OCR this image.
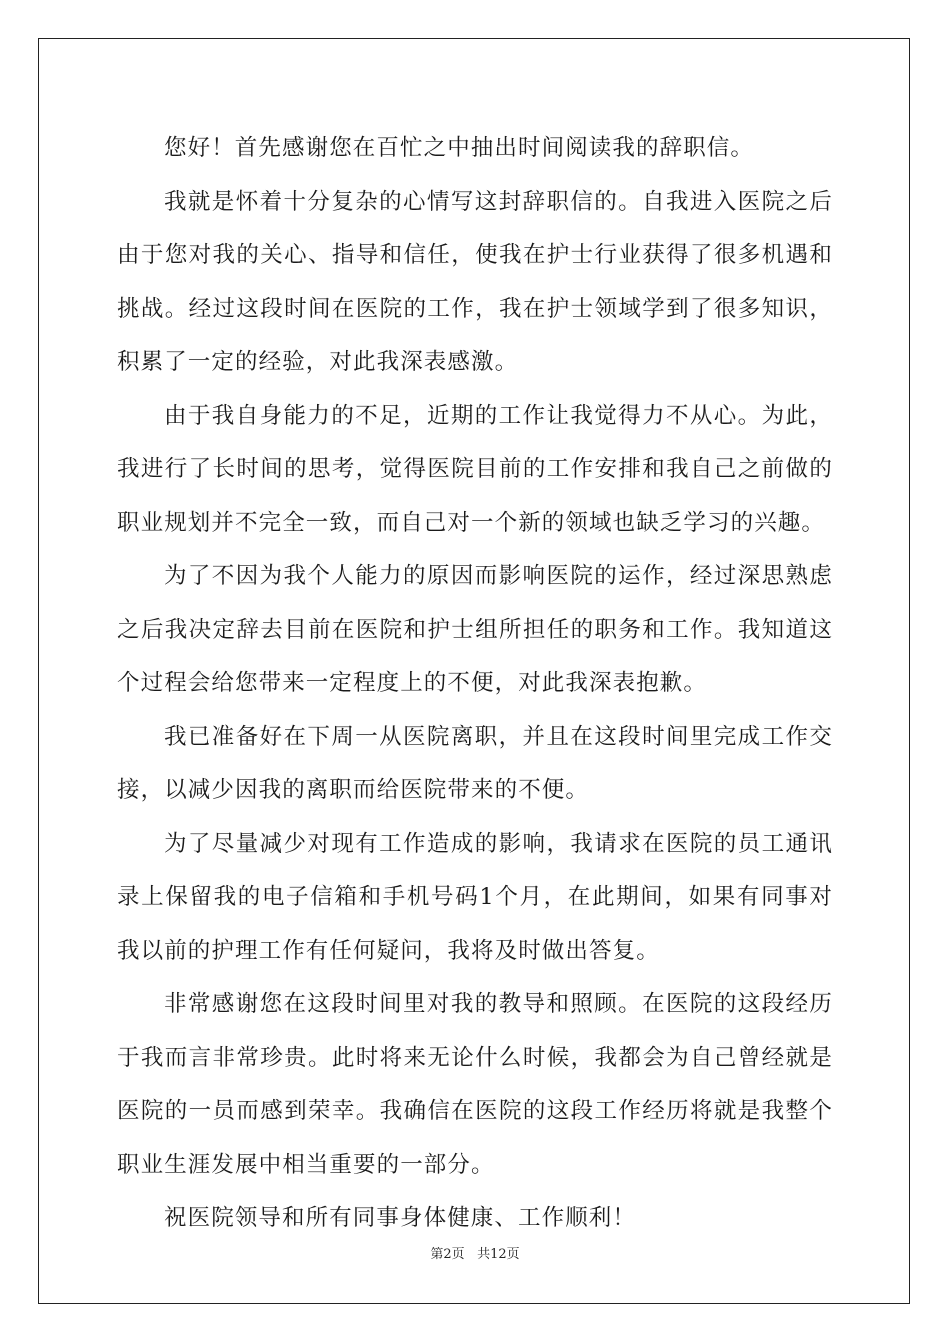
您好！首先感谢您在百忙之中抽出时间阅读我的辞职信。

我就是怀着十分复杂的心情写这封辞职信的。自我进入医院之后由于您对我的关心、指导和信任，使我在护士行业获得了很多机遇和挑战。经过这段时间在医院的工作，我在护士领域学到了很多知识，积累了一定的经验，对此我深表感激。

由于我自身能力的不足，近期的工作让我觉得力不从心。为此，我进行了长时间的思考，觉得医院目前的工作安排和我自己之前做的职业规划并不完全一致，而自己对一个新的领域也缺乏学习的兴趣。

为了不因为我个人能力的原因而影响医院的运作，经过深思熟虑之后我决定辞去目前在医院和护士组所担任的职务和工作。我知道这个过程会给您带来一定程度上的不便，对此我深表抱歉。

我已准备好在下周一从医院离职，并且在这段时间里完成工作交接，以减少因我的离职而给医院带来的不便。

为了尽量减少对现有工作造成的影响，我请求在医院的员工通讯录上保留我的电子信箱和手机号码1个月，在此期间，如果有同事对我以前的护理工作有任何疑问，我将及时做出答复。

非常感谢您在这段时间里对我的教导和照顾。在医院的这段经历于我而言非常珍贵。此时将来无论什么时候，我都会为自己曾经就是医院的一员而感到荣幸。我确信在医院的这段工作经历将就是我整个职业生涯发展中相当重要的一部分。

祝医院领导和所有同事身体健康、工作顺利！

第2页 共12页
